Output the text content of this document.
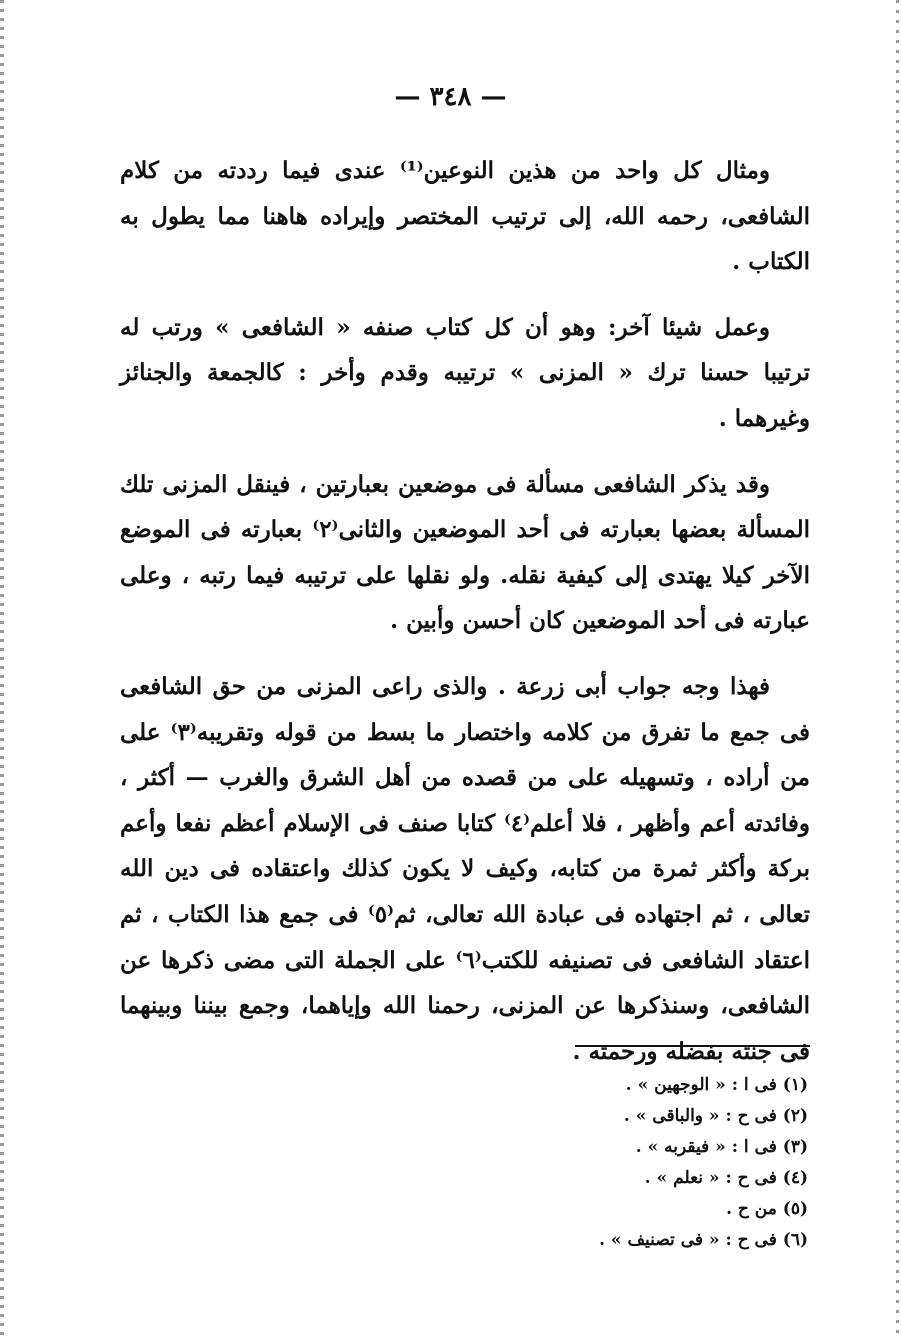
— ٣٤٨ —

ومثال كل واحد من هذين النوعين⁽¹⁾ عندى فيما رددته من كلام الشافعى، رحمه الله، إلى ترتيب المختصر وإيراده هاهنا مما يطول به الكتاب .

وعمل شيئا آخر: وهو أن كل كتاب صنفه « الشافعى » ورتب له ترتيبا حسنا ترك « المزنى » ترتيبه وقدم وأخر : كالجمعة والجنائز وغيرهما .

وقد يذكر الشافعى مسألة فى موضعين بعبارتين ، فينقل المزنى تلك المسألة بعضها بعبارته فى أحد الموضعين والثانى⁽٢⁾ بعبارته فى الموضع الآخر كيلا يهتدى إلى كيفية نقله. ولو نقلها على ترتيبه فيما رتبه ، وعلى عبارته فى أحد الموضعين كان أحسن وأبين .

فهذا وجه جواب أبى زرعة . والذى راعى المزنى من حق الشافعى فى جمع ما تفرق من كلامه واختصار ما بسط من قوله وتقريبه⁽٣⁾ على من أراده ، وتسهيله على من قصده من أهل الشرق والغرب — أكثر ، وفائدته أعم وأظهر ، فلا أعلم⁽٤⁾ كتابا صنف فى الإسلام أعظم نفعا وأعم بركة وأكثر ثمرة من كتابه، وكيف لا يكون كذلك واعتقاده فى دين الله تعالى ، ثم اجتهاده فى عبادة الله تعالى، ثم⁽٥⁾ فى جمع هذا الكتاب ، ثم اعتقاد الشافعى فى تصنيفه للكتب⁽٦⁾ على الجملة التى مضى ذكرها عن الشافعى، وسنذكرها عن المزنى، رحمنا الله وإياهما، وجمع بيننا وبينهما فى جنته بفضله ورحمته .

(١) فى ا : « الوجهين » .
(٢) فى ح : « والباقى » .
(٣) فى ا : « فيقربه » .
(٤) فى ح : « نعلم » .
(٥) من ح .
(٦) فى ح : « فى تصنيف » .
